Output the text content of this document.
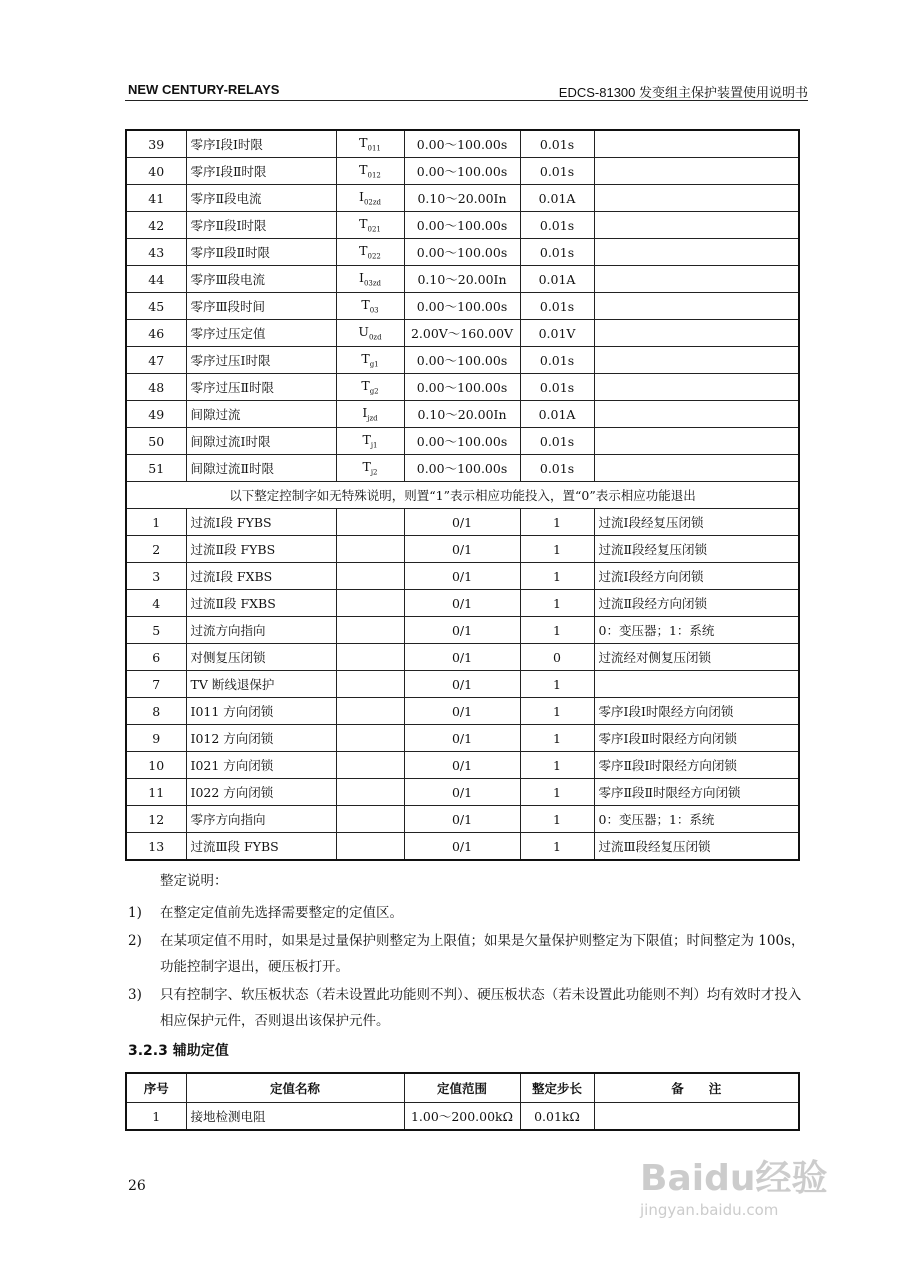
NEW CENTURY-RELAYS	EDCS-81300 发变组主保护装置使用说明书
39	零序Ⅰ段Ⅰ时限	$T_{011}$	0.00～100.00s	0.01s	
40	零序Ⅰ段Ⅱ时限	$T_{012}$	0.00～100.00s	0.01s	
41	零序Ⅱ段电流	$I_{02zd}$	0.10～20.00In	0.01A	
42	零序Ⅱ段Ⅰ时限	$T_{021}$	0.00～100.00s	0.01s	
43	零序Ⅱ段Ⅱ时限	$T_{022}$	0.00～100.00s	0.01s	
44	零序Ⅲ段电流	$I_{03zd}$	0.10～20.00In	0.01A	
45	零序Ⅲ段时间	$T_{03}$	0.00～100.00s	0.01s	
46	零序过压定值	$U_{0zd}$	2.00V～160.00V	0.01V	
47	零序过压Ⅰ时限	$T_{g1}$	0.00～100.00s	0.01s	
48	零序过压Ⅱ时限	$T_{g2}$	0.00～100.00s	0.01s	
49	间隙过流	$I_{jzd}$	0.10～20.00In	0.01A	
50	间隙过流Ⅰ时限	$T_{j1}$	0.00～100.00s	0.01s	
51	间隙过流Ⅱ时限	$T_{j2}$	0.00～100.00s	0.01s	
以下整定控制字如无特殊说明，则置“1”表示相应功能投入，置“0”表示相应功能退出					
1	过流Ⅰ段 FYBS		0/1	1	过流Ⅰ段经复压闭锁
2	过流Ⅱ段 FYBS		0/1	1	过流Ⅱ段经复压闭锁
3	过流Ⅰ段 FXBS		0/1	1	过流Ⅰ段经方向闭锁
4	过流Ⅱ段 FXBS		0/1	1	过流Ⅱ段经方向闭锁
5	过流方向指向		0/1	1	0：变压器；1：系统
6	对侧复压闭锁		0/1	0	过流经对侧复压闭锁
7	TV 断线退保护		0/1	1	
8	I011 方向闭锁		0/1	1	零序Ⅰ段Ⅰ时限经方向闭锁
9	I012 方向闭锁		0/1	1	零序Ⅰ段Ⅱ时限经方向闭锁
10	I021 方向闭锁		0/1	1	零序Ⅱ段Ⅰ时限经方向闭锁
11	I022 方向闭锁		0/1	1	零序Ⅱ段Ⅱ时限经方向闭锁
12	零序方向指向		0/1	1	0：变压器；1：系统
13	过流Ⅲ段 FYBS		0/1	1	过流Ⅲ段经复压闭锁
整定说明：
1) 在整定定值前先选择需要整定的定值区。
2) 在某项定值不用时，如果是过量保护则整定为上限值；如果是欠量保护则整定为下限值；时间整定为 100s，功能控制字退出，硬压板打开。
3) 只有控制字、软压板状态（若未设置此功能则不判）、硬压板状态（若未设置此功能则不判）均有效时才投入相应保护元件，否则退出该保护元件。
3.2.3 辅助定值
序号	定值名称	定值范围	整定步长	备　　注
1	接地检测电阻	1.00～200.00kΩ	0.01kΩ	
26	Baidu经验
jingyan.baidu.com
